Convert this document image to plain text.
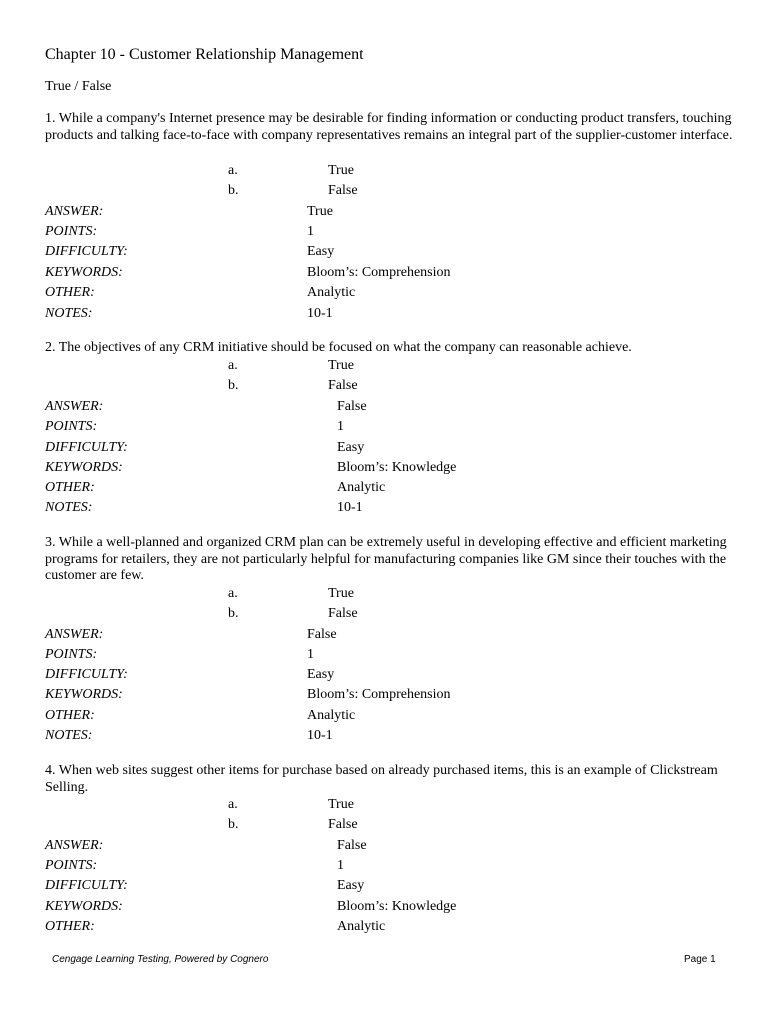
Chapter 10 - Customer Relationship Management
True / False
1. While a company's Internet presence may be desirable for finding information or conducting product transfers, touching products and talking face-to-face with company representatives remains an integral part of the supplier-customer interface.
a.	True
b.	False
ANSWER:	True
POINTS:	1
DIFFICULTY:	Easy
KEYWORDS:	Bloom’s: Comprehension
OTHER:	Analytic
NOTES:	10-1
2. The objectives of any CRM initiative should be focused on what the company can reasonable achieve.
a.	True
b.	False
ANSWER:	False
POINTS:	1
DIFFICULTY:	Easy
KEYWORDS:	Bloom’s: Knowledge
OTHER:	Analytic
NOTES:	10-1
3. While a well-planned and organized CRM plan can be extremely useful in developing effective and efficient marketing programs for retailers, they are not particularly helpful for manufacturing companies like GM since their touches with the customer are few.
a.	True
b.	False
ANSWER:	False
POINTS:	1
DIFFICULTY:	Easy
KEYWORDS:	Bloom’s: Comprehension
OTHER:	Analytic
NOTES:	10-1
4. When web sites suggest other items for purchase based on already purchased items, this is an example of Clickstream Selling.
a.	True
b.	False
ANSWER:	False
POINTS:	1
DIFFICULTY:	Easy
KEYWORDS:	Bloom’s: Knowledge
OTHER:	Analytic
Cengage Learning Testing, Powered by Cognero	Page 1
